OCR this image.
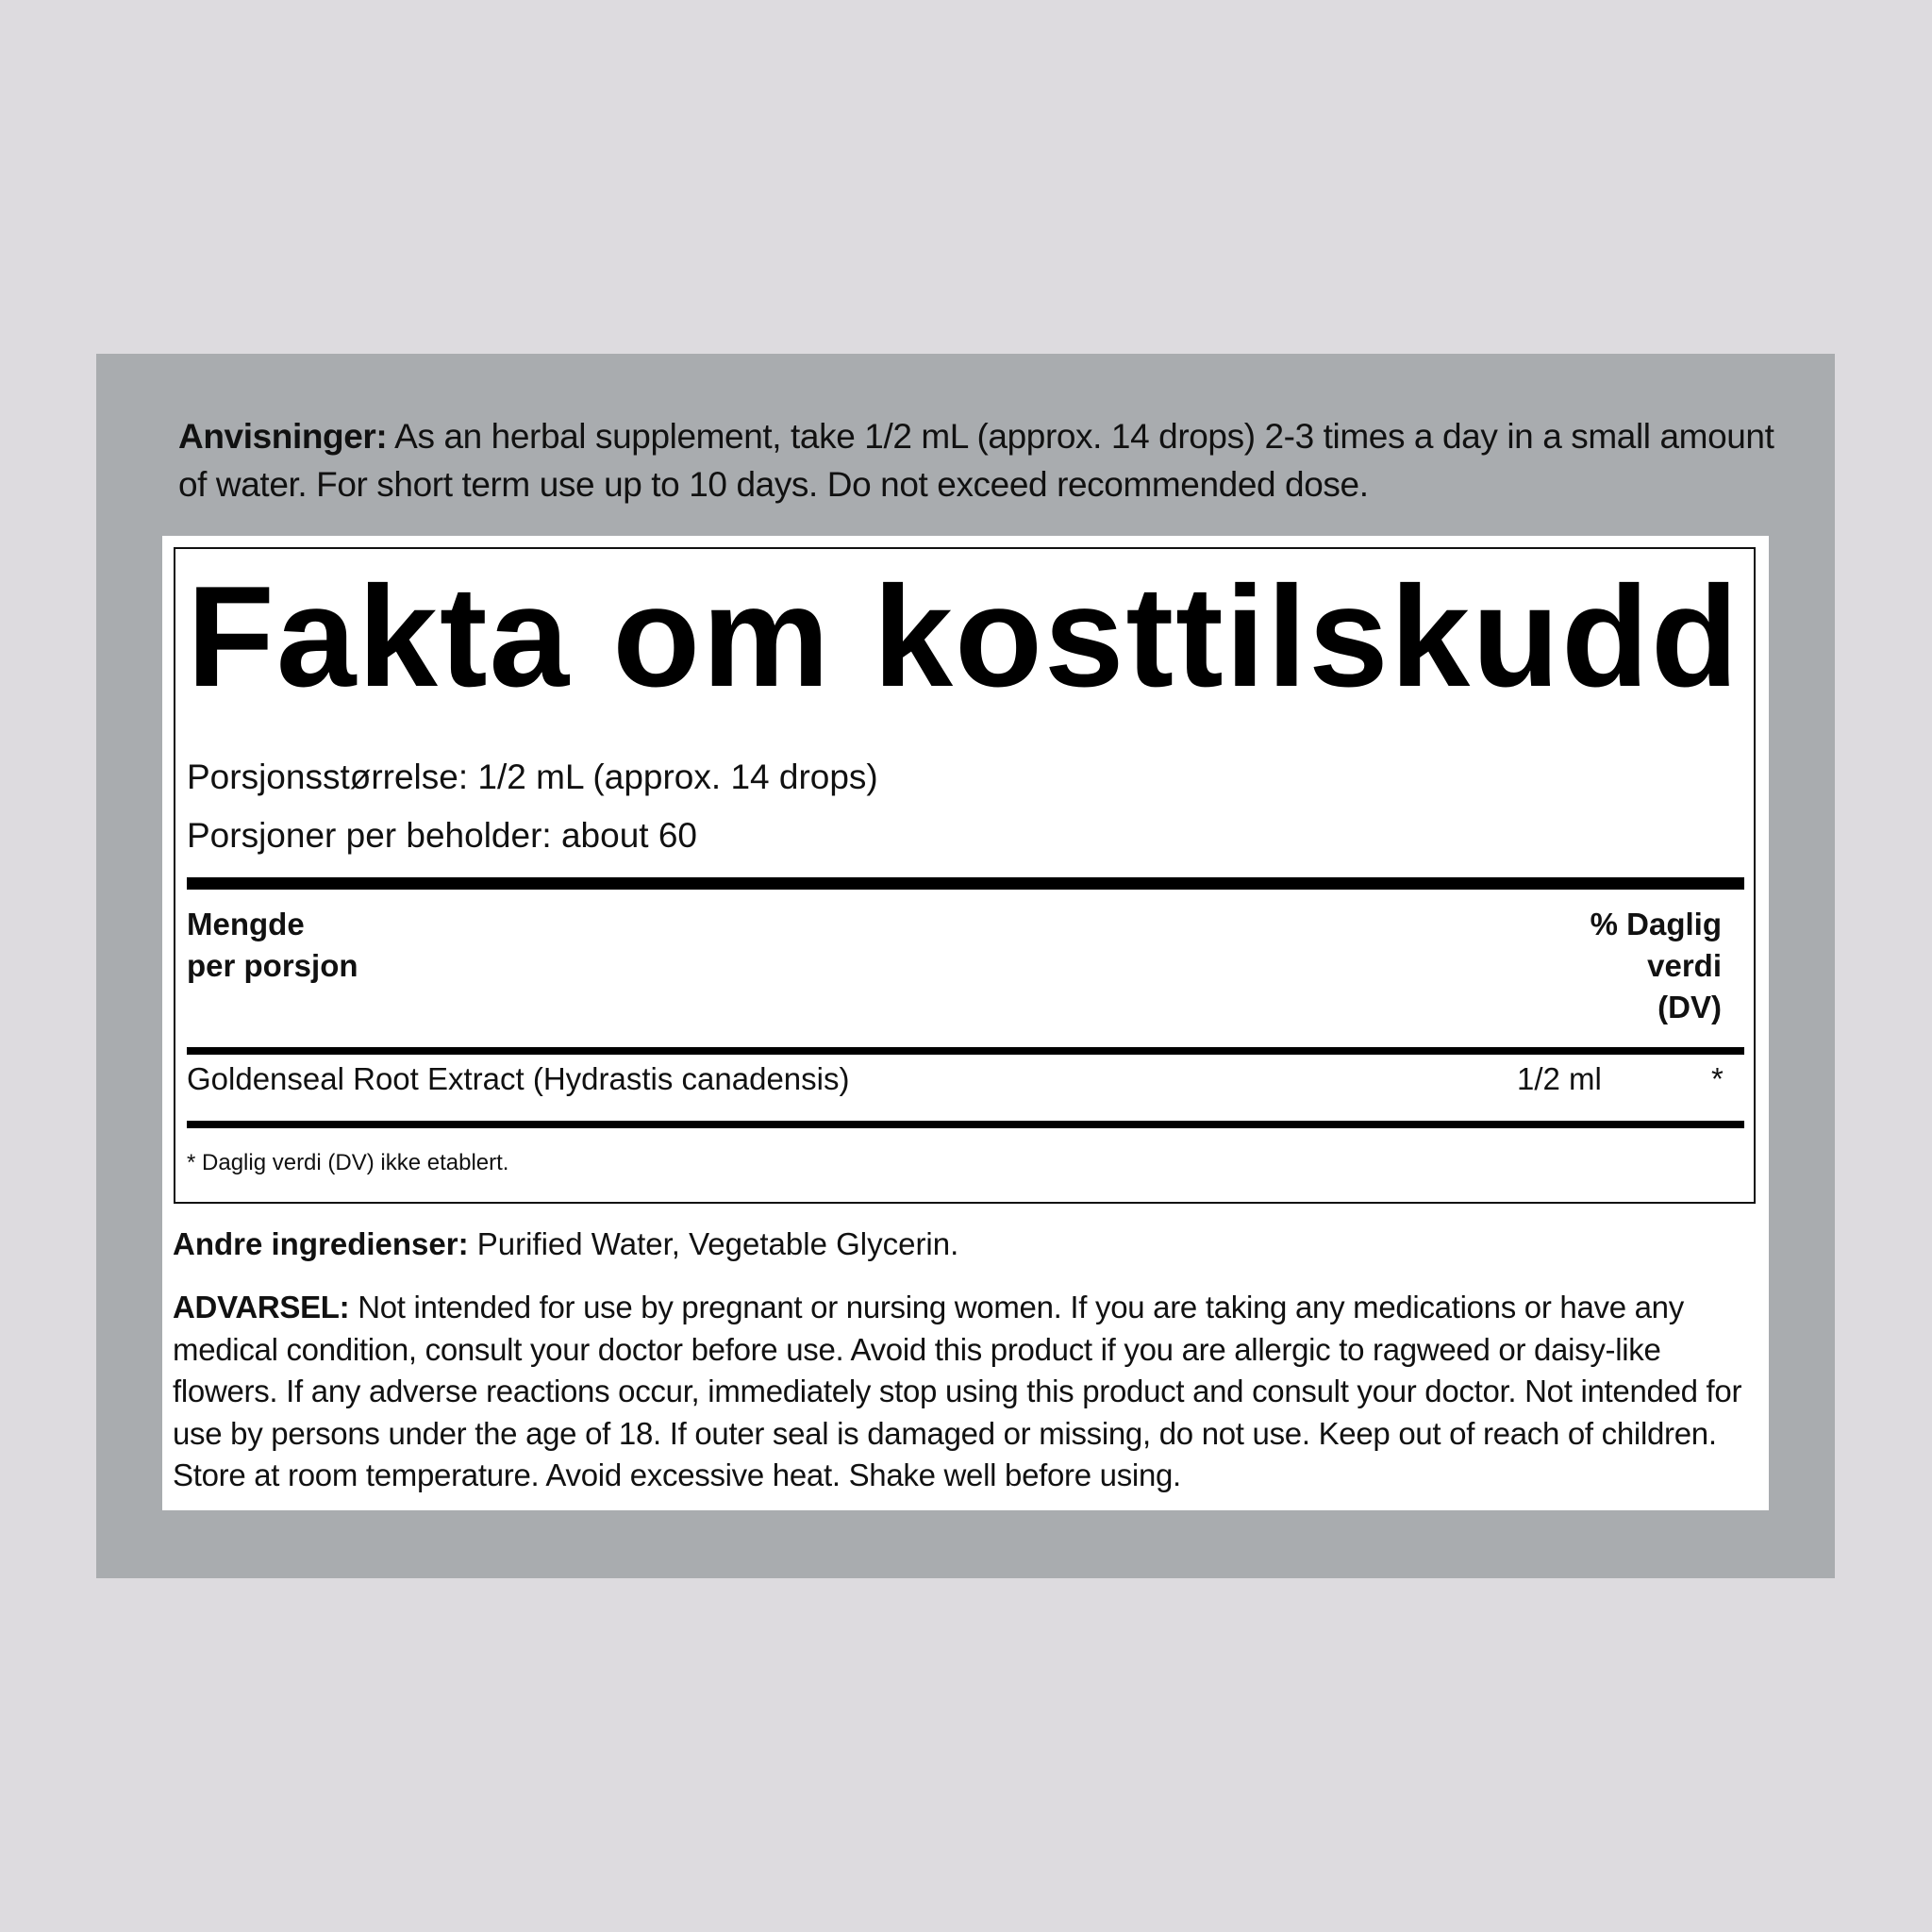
Anvisninger: As an herbal supplement, take 1/2 mL (approx. 14 drops) 2-3 times a day in a small amount of water. For short term use up to 10 days. Do not exceed recommended dose.

Fakta om kosttilskudd
Porsjonsstørrelse: 1/2 mL (approx. 14 drops)
Porsjoner per beholder: about 60
Mengde
per porsjon
% Daglig
verdi
(DV)
Goldenseal Root Extract (Hydrastis canadensis)	1/2 ml	*
* Daglig verdi (DV) ikke etablert.

Andre ingredienser: Purified Water, Vegetable Glycerin.

ADVARSEL: Not intended for use by pregnant or nursing women. If you are taking any medications or have any medical condition, consult your doctor before use. Avoid this product if you are allergic to ragweed or daisy-like flowers. If any adverse reactions occur, immediately stop using this product and consult your doctor. Not intended for use by persons under the age of 18. If outer seal is damaged or missing, do not use. Keep out of reach of children. Store at room temperature. Avoid excessive heat. Shake well before using.
